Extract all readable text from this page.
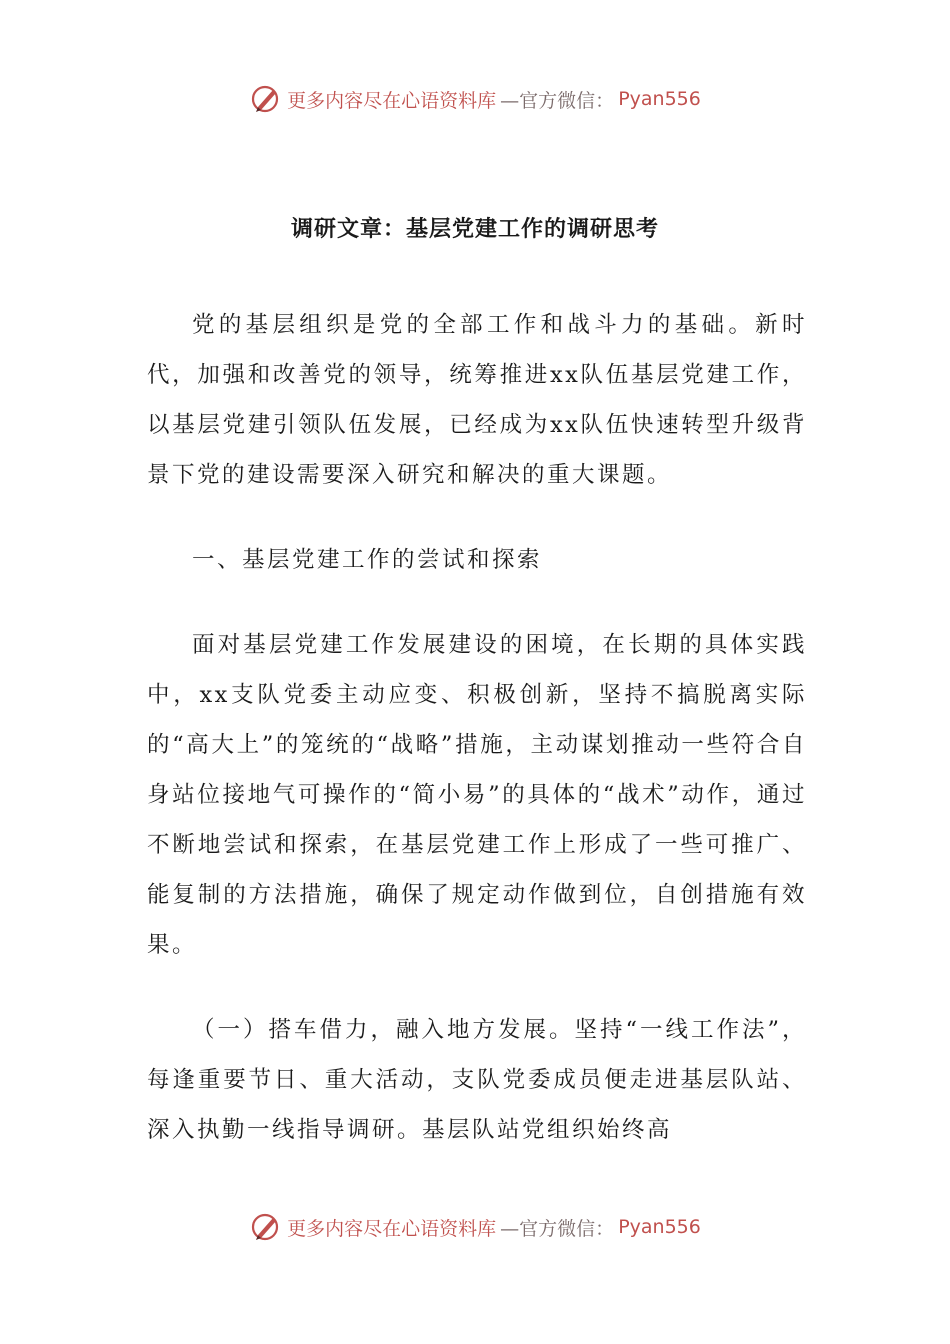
更多内容尽在心语资料库 —官方微信： Pyan556
调研文章：基层党建工作的调研思考

党的基层组织是党的全部工作和战斗力的基础。新时代，加强和改善党的领导，统筹推进xx队伍基层党建工作，以基层党建引领队伍发展，已经成为xx队伍快速转型升级背景下党的建设需要深入研究和解决的重大课题。

一、基层党建工作的尝试和探索

面对基层党建工作发展建设的困境，在长期的具体实践中，xx支队党委主动应变、积极创新，坚持不搞脱离实际的“高大上”的笼统的“战略”措施，主动谋划推动一些符合自身站位接地气可操作的“简小易”的具体的“战术”动作，通过不断地尝试和探索，在基层党建工作上形成了一些可推广、能复制的方法措施，确保了规定动作做到位，自创措施有效果。

（一）搭车借力，融入地方发展。坚持“一线工作法”，每逢重要节日、重大活动，支队党委成员便走进基层队站、深入执勤一线指导调研。基层队站党组织始终高

更多内容尽在心语资料库 —官方微信： Pyan556
